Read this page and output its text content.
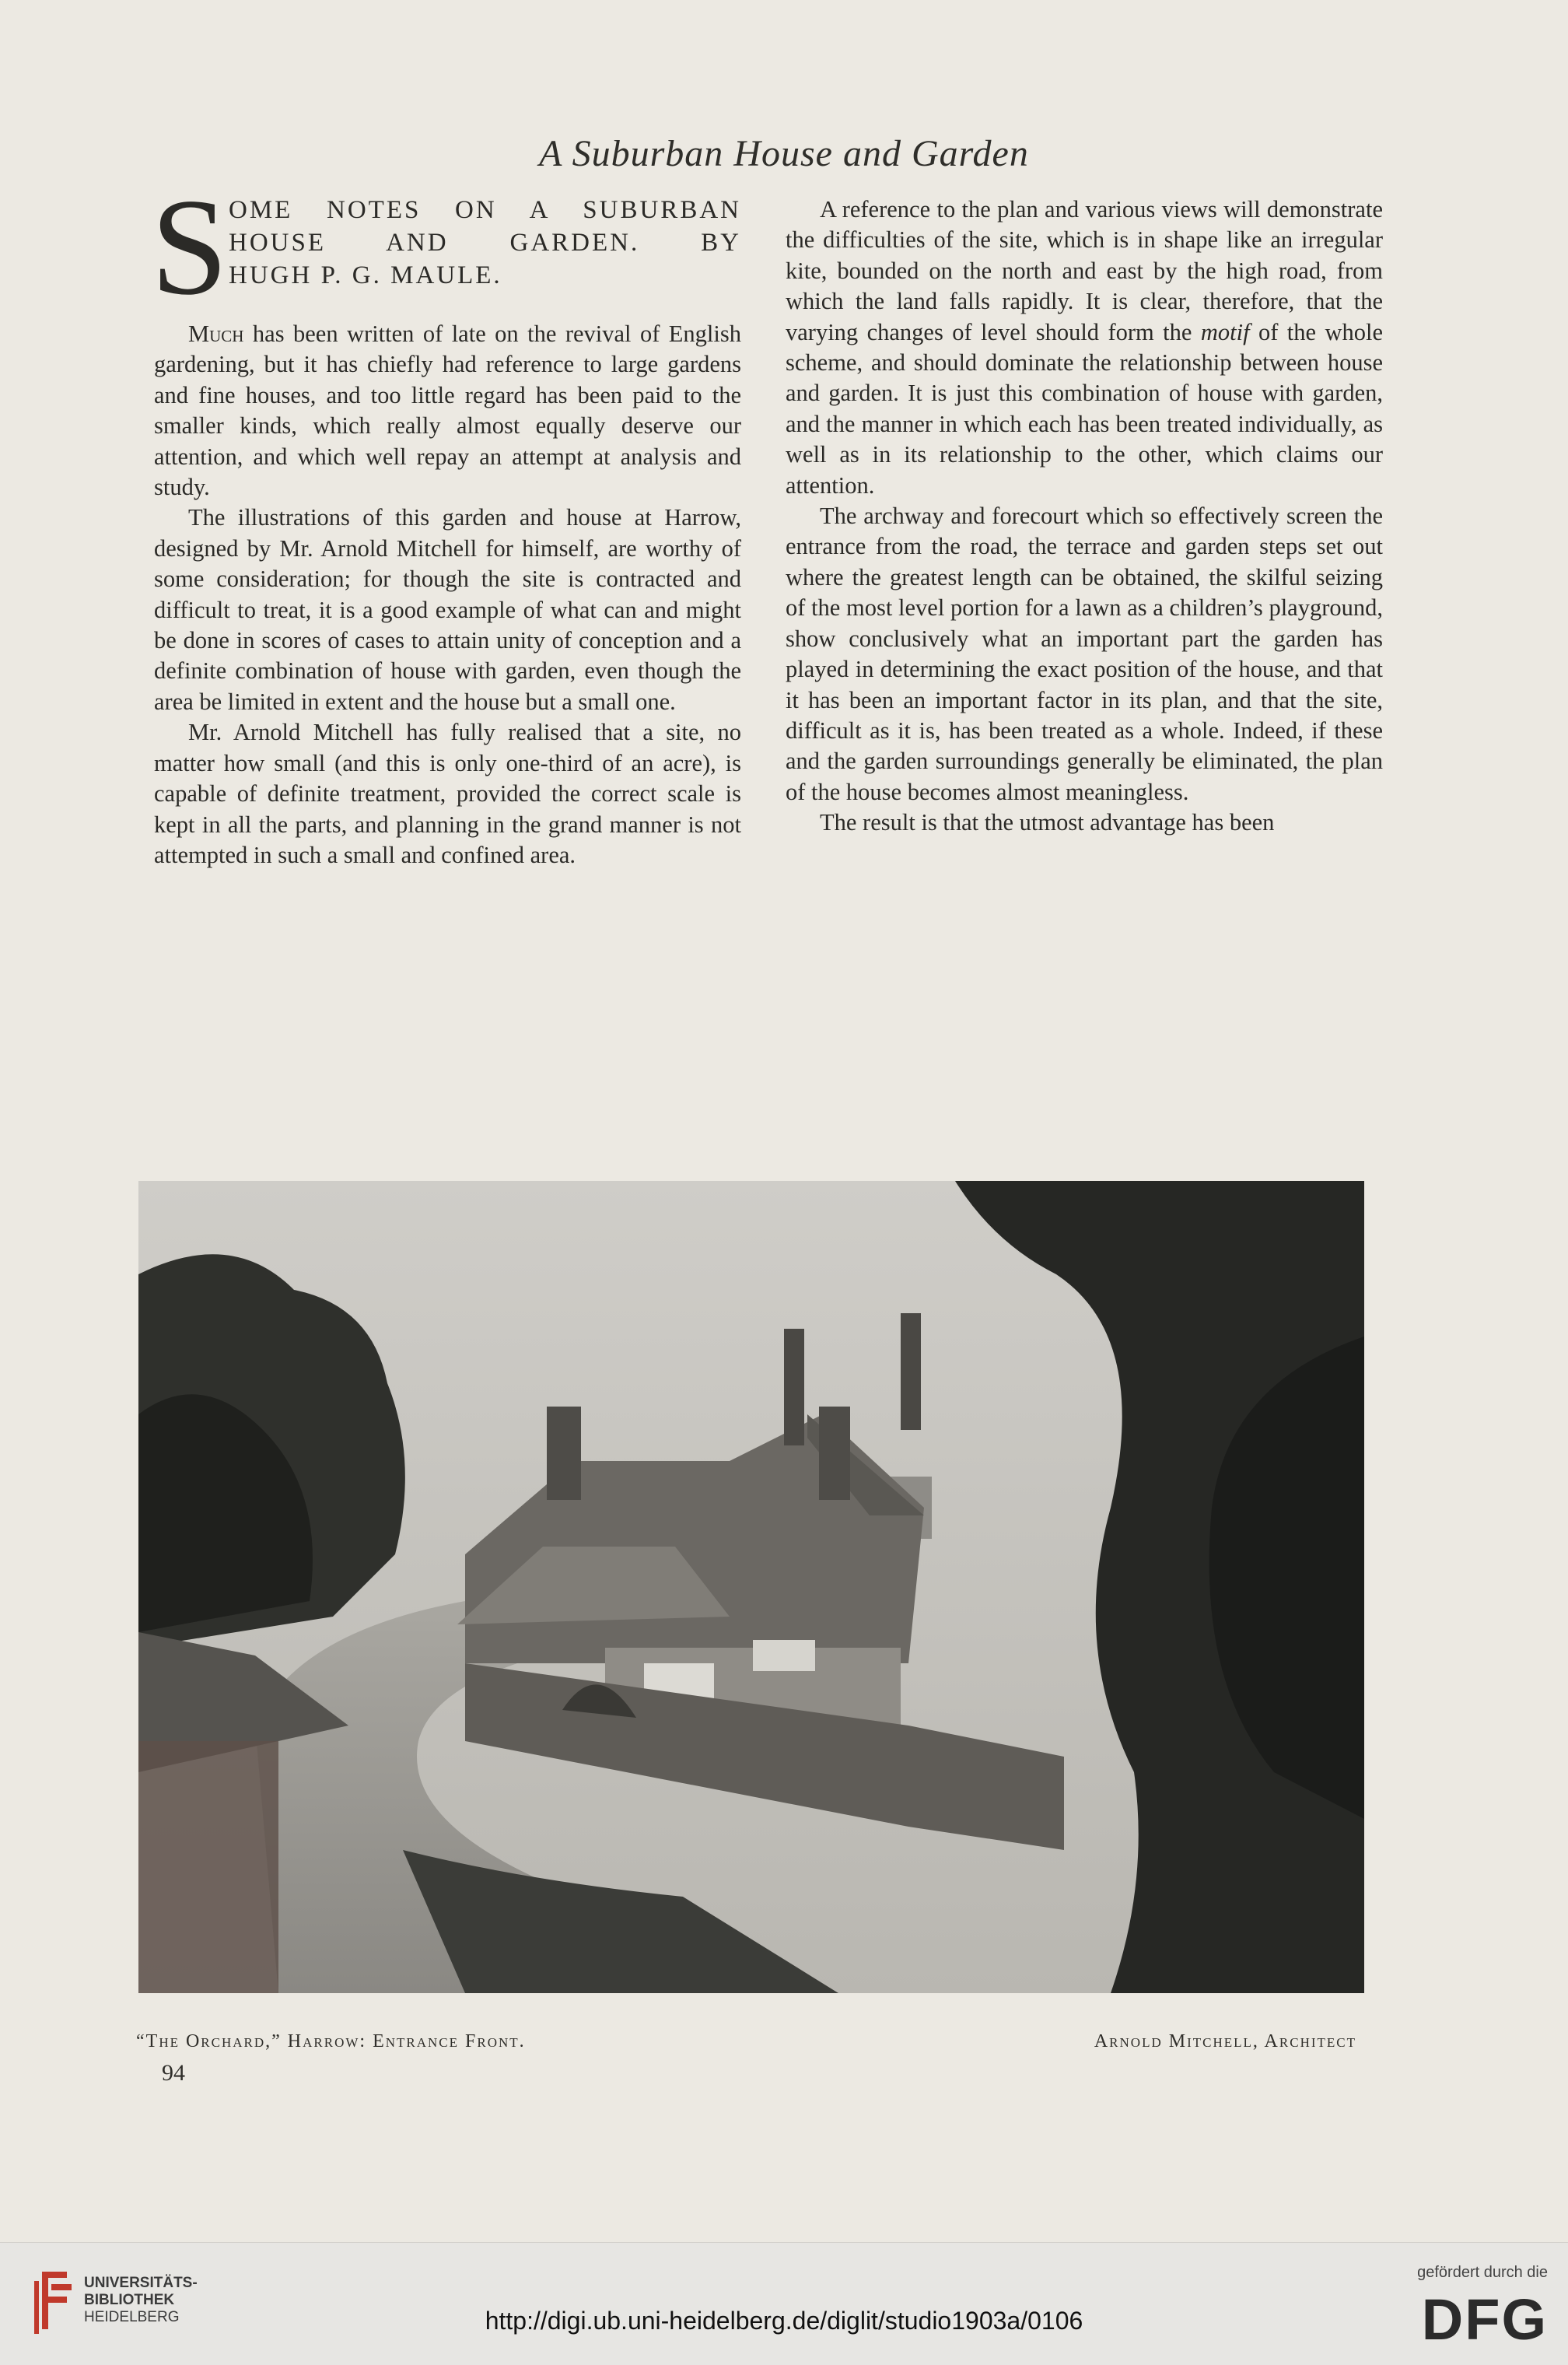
A Suburban House and Garden
S OME NOTES ON A SUBURBAN
HOUSE AND GARDEN. BY
HUGH P. G. MAULE.

Much has been written of late on the revival of English gardening, but it has chiefly had reference to large gardens and fine houses, and too little regard has been paid to the smaller kinds, which really almost equally deserve our attention, and which well repay an attempt at analysis and study.

The illustrations of this garden and house at Harrow, designed by Mr. Arnold Mitchell for himself, are worthy of some consideration; for though the site is contracted and difficult to treat, it is a good example of what can and might be done in scores of cases to attain unity of conception and a definite combination of house with garden, even though the area be limited in extent and the house but a small one.

Mr. Arnold Mitchell has fully realised that a site, no matter how small (and this is only one-third of an acre), is capable of definite treatment, provided the correct scale is kept in all the parts, and planning in the grand manner is not attempted in such a small and confined area.

A reference to the plan and various views will demonstrate the difficulties of the site, which is in shape like an irregular kite, bounded on the north and east by the high road, from which the land falls rapidly. It is clear, therefore, that the varying changes of level should form the motif of the whole scheme, and should dominate the relationship between house and garden. It is just this combination of house with garden, and the manner in which each has been treated individually, as well as in its relationship to the other, which claims our attention.

The archway and forecourt which so effectively screen the entrance from the road, the terrace and garden steps set out where the greatest length can be obtained, the skilful seizing of the most level portion for a lawn as a children’s playground, show conclusively what an important part the garden has played in determining the exact position of the house, and that it has been an important factor in its plan, and that the site, difficult as it is, has been treated as a whole. Indeed, if these and the garden surroundings generally be eliminated, the plan of the house becomes almost meaningless.

The result is that the utmost advantage has been

“The Orchard,” Harrow: Entrance Front.	Arnold Mitchell, Architect
94
UNIVERSITÄTS-
BIBLIOTHEK
HEIDELBERG	http://digi.ub.uni-heidelberg.de/diglit/studio1903a/0106
gefördert durch die
DFG
